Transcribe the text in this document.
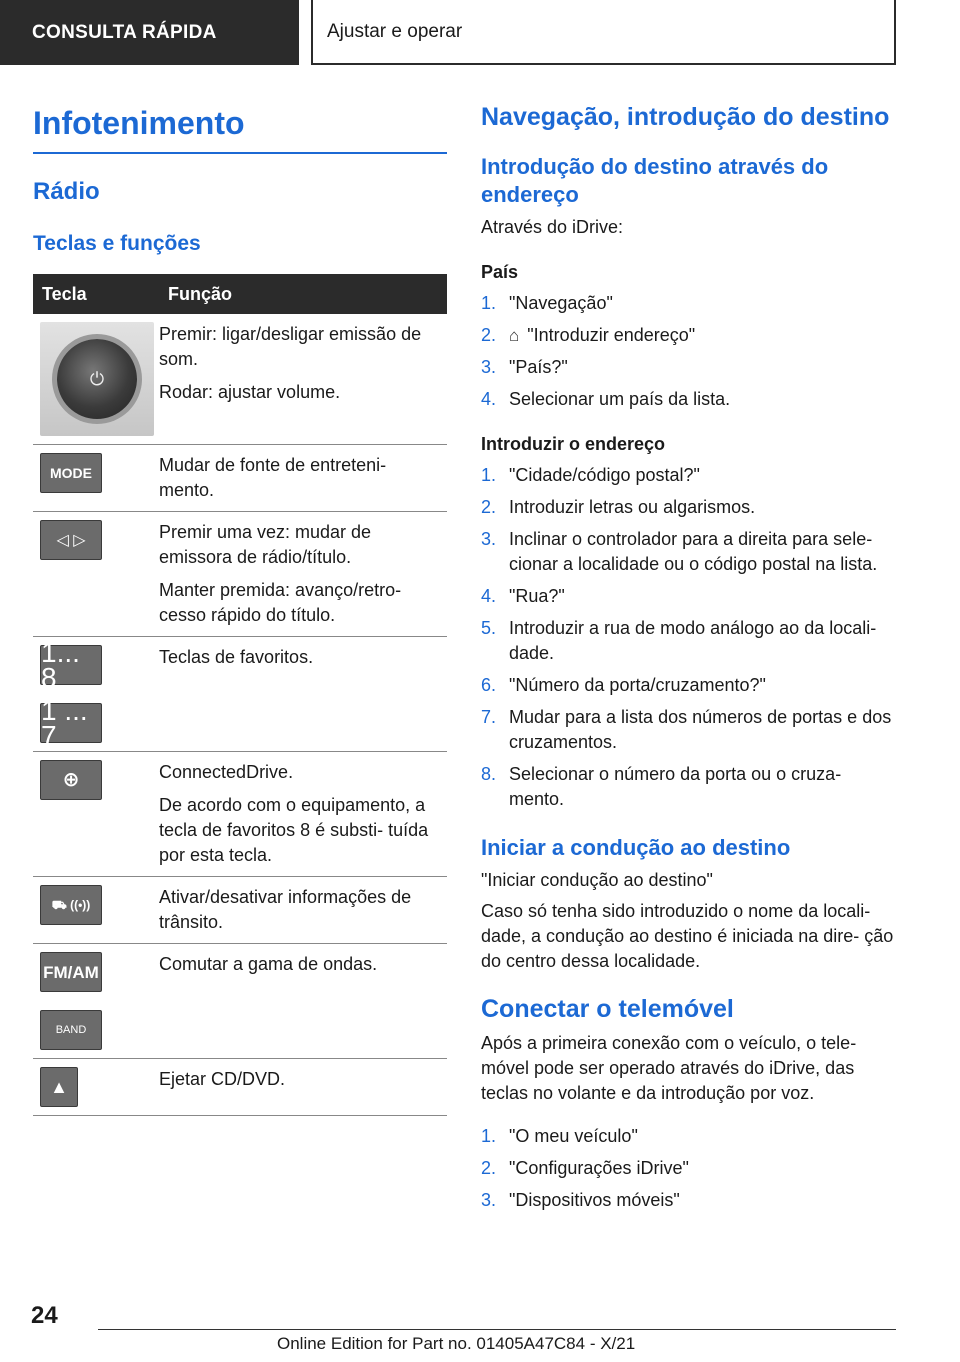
CONSULTA RÁPIDA	Ajustar e operar
Infotenimento
Rádio
Teclas e funções
Tecla	Função

⏻	Premir: ligar/desligar emissão de som.

Rodar: ajustar volume.

MODE	Mudar de fonte de entreteni- mento.

◁ ▷	Premir uma vez: mudar de emissora de rádio/título.

Manter premida: avanço/retro- cesso rápido do título.

1... 8
1 ... 7	Teclas de favoritos.

⊕	ConnectedDrive.

De acordo com o equipamento, a tecla de favoritos 8 é substi- tuída por esta tecla.

⛟ ((•))	Ativar/desativar informações de trânsito.

FM/AM
BAND	Comutar a gama de ondas.

▲	Ejetar CD/DVD.

Navegação, introdução do destino
Introdução do destino através do endereço
Através do iDrive:
País
1. "Navegação"
2. ⌂ "Introduzir endereço"
3. "País?"
4. Selecionar um país da lista.
Introduzir o endereço
1. "Cidade/código postal?"
2. Introduzir letras ou algarismos.
3. Inclinar o controlador para a direita para sele- cionar a localidade ou o código postal na lista.
4. "Rua?"
5. Introduzir a rua de modo análogo ao da locali- dade.
6. "Número da porta/cruzamento?"
7. Mudar para a lista dos números de portas e dos cruzamentos.
8. Selecionar o número da porta ou o cruza- mento.
Iniciar a condução ao destino
"Iniciar condução ao destino"
Caso só tenha sido introduzido o nome da locali- dade, a condução ao destino é iniciada na dire- ção do centro dessa localidade.
Conectar o telemóvel
Após a primeira conexão com o veículo, o tele- móvel pode ser operado através do iDrive, das teclas no volante e da introdução por voz.
1. "O meu veículo"
2. "Configurações iDrive"
3. "Dispositivos móveis"
24
Online Edition for Part no. 01405A47C84 - X/21
